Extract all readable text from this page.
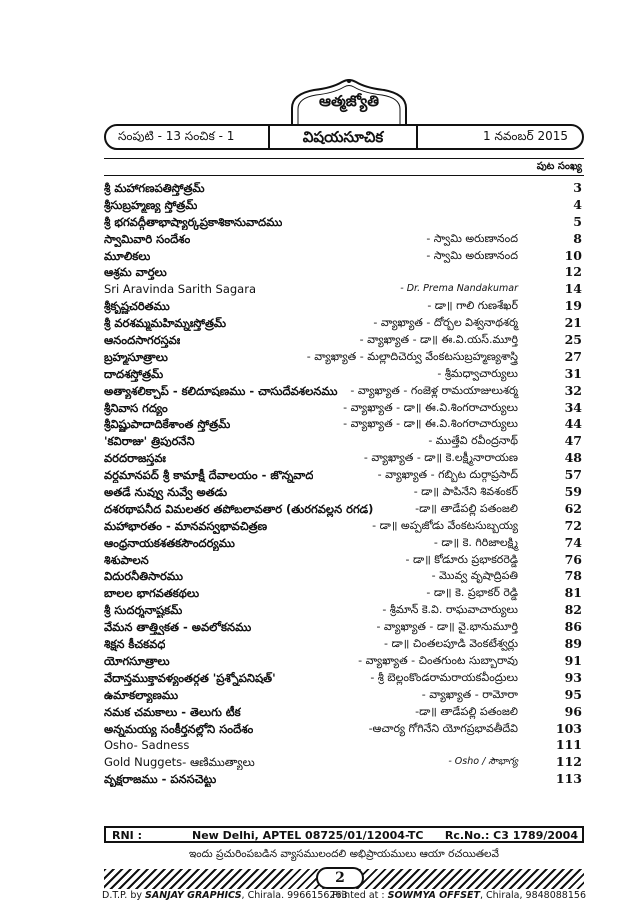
ఆత్మజ్యోతి
సంపుటి - 13 సంచిక - 1	విషయసూచిక	1 నవంబర్ 2015
పుట సంఖ్య
శ్రీ మహాగణపతిస్తోత్రమ్	3
శ్రీసుబ్రహ్మణ్య స్తోత్రమ్	4
శ్రీ భగవద్గీతాభాష్యార్కప్రకాశికానువాదము	5
స్వామివారి సందేశం	- స్వామి అరుణానంద	8
మూలికలు	- స్వామి అరుణానంద	10
ఆశ్రమ వార్తలు	12
Sri Aravinda Sarith Sagara	- Dr. Prema Nandakumar	14
శ్రీకృష్ణచరితము	- డా॥ గాలి గుణశేఖర్	19
శ్రీ వరశమ్మమహిమ్నఃస్తోత్రమ్	- వ్యాఖ్యాత - దోర్బల విశ్వనాథశర్మ	21
ఆనందసాగరస్తవః	- వ్యాఖ్యాత - డా॥ ఈ.వి.యస్.మూర్తి	25
బ్రహ్మసూత్రాలు	- వ్యాఖ్యాత - మల్లాదిచెర్వు వేంకటసుబ్రహ్మణ్యశాస్త్రి	27
దాదశస్తోత్రమ్	- శ్రీమధ్వాచార్యులు	31
అత్యాశలిక్చాప్ - కలిదూషణము - చాసుదేవశలనము - వ్యాఖ్యాత - గంజెళ్ల రామయాజులుశర్మ	32
శ్రీనివాస గద్యం	- వ్యాఖ్యాత - డా॥ ఈ.వి.శింగరాచార్యులు	34
శ్రీవిష్ణుపాదాదికేశాంత స్తోత్రమ్	- వ్యాఖ్యాత - డా॥ ఈ.వి.శింగరాచార్యులు	44
'కవిరాజు' త్రిపురనేని	- ముత్తేవి రవీంద్రనాథ్	47
వరదరాజస్తవః	- వ్యాఖ్యాత - డా॥ కె.లక్ష్మీనారాయణ	48
వర్ధమానపద్ శ్రీ కామాక్షీ దేవాలయం - జొన్నవాద	- వ్యాఖ్యాత - గబ్బిట దుర్గాప్రసాద్	57
అతడే నువ్వు నువ్వే అతడు	- డా॥ పాపినేని శివశంకర్	59
దశరథాపనీద విమలతర తపోబలావతార (తురగవల్లన రగడ)	-డా॥ తాడేపల్లి పతంజలి	62
మహాభారతం - మానవస్వభావచిత్రణ	- డా॥ అప్పజోడు వేంకటసుబ్బయ్య	72
ఆంధ్రనాయకశతకసౌందర్యము	- డా॥ కె. గిరిజాలక్ష్మి	74
శిశుపాలన	- డా॥ కోడూరు ప్రభాకరరెడ్డి	76
విదురనీతిసారము	- మొవ్వ వృషాద్రిపతి	78
బాలల భాగవతకథలు	- డా॥ కె. ప్రభాకర్ రెడ్డి	81
శ్రీ సుదర్శనాష్టకమ్	- శ్రీమాన్ కె.వి. రాఘవాచార్యులు	82
వేమన తాత్త్వికత - అవలోకనము	- వ్యాఖ్యాత - డా॥ వై.భానుమూర్తి	86
శిక్షన కీచకవధ	- డా॥ చింతలపూడి వెంకటేశ్వర్లు	89
యోగసూత్రాలు	- వ్యాఖ్యాత - చింతగుంట సుబ్బారావు	91
వేదాన్తముక్తావళ్యంతర్గత 'ప్రశ్నోపనిషత్'	- శ్రీ బెల్లంకొండరామరాయకవీంద్రులు	93
ఉమాకల్యాణము	- వ్యాఖ్యాత - రామోరా	95
నమక చమకాలు - తెలుగు టీక	-డా॥ తాడేపల్లి పతంజలి	96
అన్నమయ్య సంకీర్తనల్లోని సందేశం	-ఆచార్య గోగినేని యోగప్రభావతీదేవి	103
Osho- Sadness	111
Gold Nuggets- ఆణిముత్యాలు	- Osho / సౌభాగ్య	112
వృక్షరాజము - పనసచెట్టు	113
RNI :	New Delhi, APTEL 08725/01/12004-TC Rc.No.: C3 1789/2004
ఇందు ప్రచురింపబడిన వ్యాసములందలి అభిప్రాయములు ఆయా రచయితలవే
2
D.T.P. by SANJAY GRAPHICS, Chirala. 9966156263
Printed at : SOWMYA OFFSET, Chirala, 9848088156
